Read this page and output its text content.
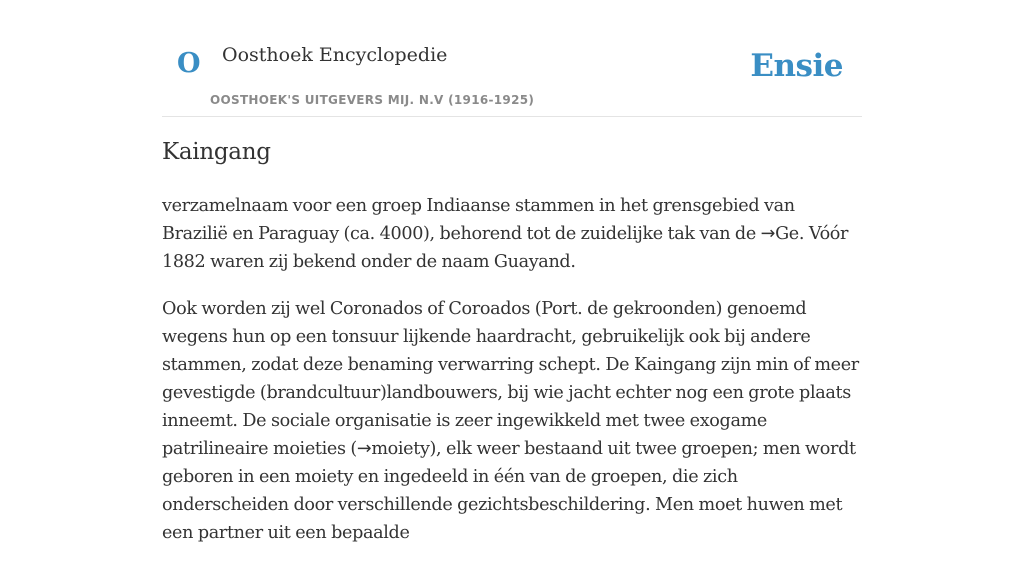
O Oosthoek Encyclopedie
OOSTHOEK'S UITGEVERS MIJ. N.V (1916-1925)
Ensie
Kaingang

verzamelnaam voor een groep Indiaanse stammen in het grensgebied van Brazilië en Paraguay (ca. 4000), behorend tot de zuidelijke tak van de →Ge. Vóór 1882 waren zij bekend onder de naam Guayand.

Ook worden zij wel Coronados of Coroados (Port. de gekroonden) genoemd wegens hun op een tonsuur lijkende haardracht, gebruikelijk ook bij andere stammen, zodat deze benaming verwarring schept. De Kaingang zijn min of meer gevestigde (brandcultuur)landbouwers, bij wie jacht echter nog een grote plaats inneemt. De sociale organisatie is zeer ingewikkeld met twee exogame patrilineaire moieties (→moiety), elk weer bestaand uit twee groepen; men wordt geboren in een moiety en ingedeeld in één van de groepen, die zich onderscheiden door verschillende gezichtsbeschildering. Men moet huwen met een partner uit een bepaalde
